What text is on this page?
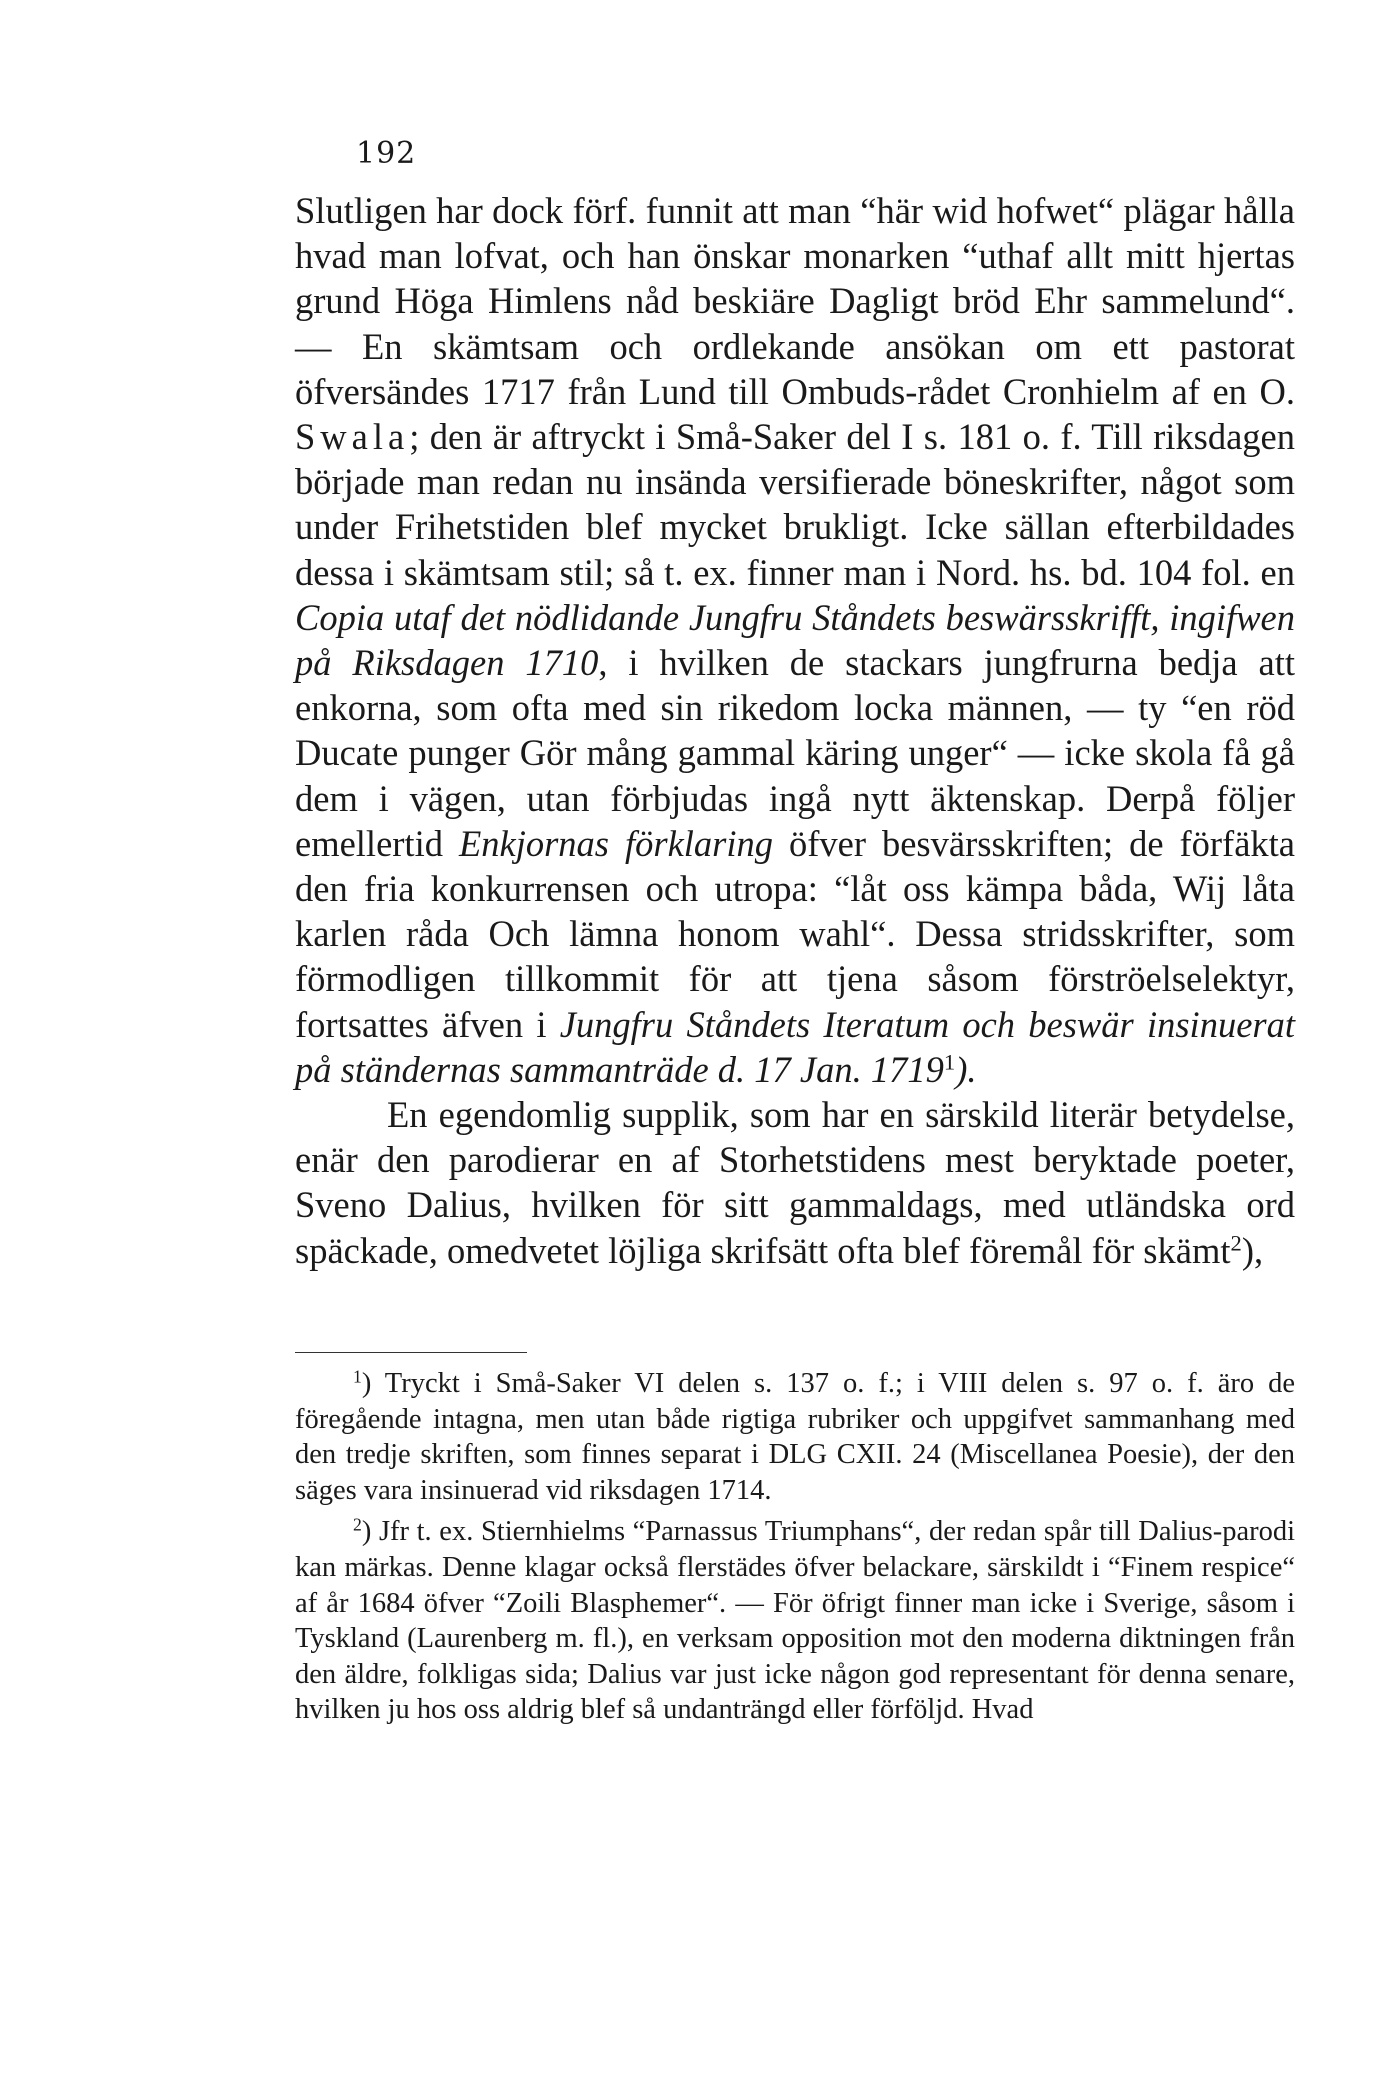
192

Slutligen har dock förf. funnit att man “här wid hofwet“ plägar hålla hvad man lofvat, och han önskar monarken “uthaf allt mitt hjertas grund Höga Himlens nåd beskiäre Dagligt bröd Ehr sammelund“. — En skämtsam och ordlekande ansökan om ett pastorat öfversändes 1717 från Lund till Ombuds-rådet Cronhielm af en O. Swala; den är aftryckt i Små-Saker del I s. 181 o. f. Till riksdagen började man redan nu insända versifierade böneskrifter, något som under Frihetstiden blef mycket brukligt. Icke sällan efterbildades dessa i skämtsam stil; så t. ex. finner man i Nord. hs. bd. 104 fol. en Copia utaf det nödlidande Jungfru Ståndets beswärsskrifft, ingifwen på Riksdagen 1710, i hvilken de stackars jungfrurna bedja att enkorna, som ofta med sin rikedom locka männen, — ty “en röd Ducate punger Gör mång gammal käring unger“ — icke skola få gå dem i vägen, utan förbjudas ingå nytt äktenskap. Derpå följer emellertid Enkjornas förklaring öfver besvärsskriften; de förfäkta den fria konkurrensen och utropa: “låt oss kämpa båda, Wij låta karlen råda Och lämna honom wahl“. Dessa stridsskrifter, som förmodligen tillkommit för att tjena såsom förströelselektyr, fortsattes äfven i Jungfru Ståndets Iteratum och beswär insinuerat på ständernas sammanträde d. 17 Jan. 1719$^1$).

En egendomlig supplik, som har en särskild literär betydelse, enär den parodierar en af Storhetstidens mest beryktade poeter, Sveno Dalius, hvilken för sitt gammaldags, med utländska ord späckade, omedvetet löjliga skrifsätt ofta blef föremål för skämt$^2$),

$^1$) Tryckt i Små-Saker VI delen s. 137 o. f.; i VIII delen s. 97 o. f. äro de föregående intagna, men utan både rigtiga rubriker och uppgifvet sammanhang med den tredje skriften, som finnes separat i DLG CXII. 24 (Miscellanea Poesie), der den säges vara insinuerad vid riksdagen 1714.

$^2$) Jfr t. ex. Stiernhielms “Parnassus Triumphans“, der redan spår till Dalius-parodi kan märkas. Denne klagar också flerstädes öfver belackare, särskildt i “Finem respice“ af år 1684 öfver “Zoili Blasphemer“. — För öfrigt finner man icke i Sverige, såsom i Tyskland (Laurenberg m. fl.), en verksam opposition mot den moderna diktningen från den äldre, folkligas sida; Dalius var just icke någon god representant för denna senare, hvilken ju hos oss aldrig blef så undanträngd eller förföljd. Hvad
